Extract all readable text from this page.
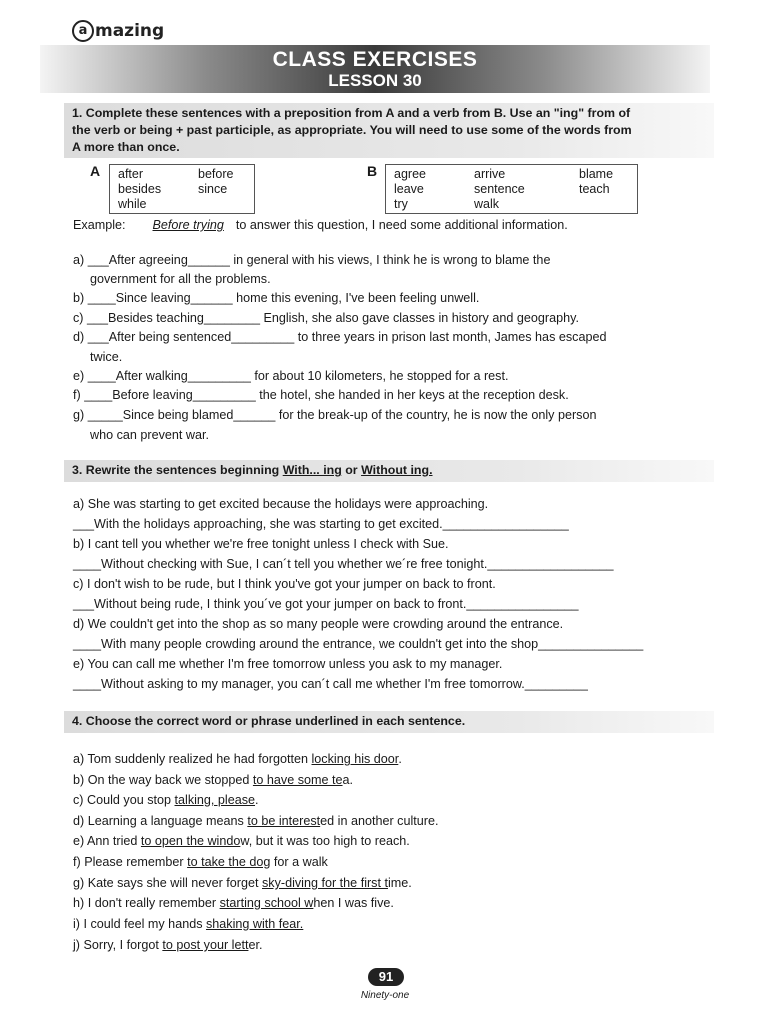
a mazing
CLASS EXERCISES
LESSON 30
1. Complete these sentences with a preposition from A and a verb from B. Use an "ing" from of
the verb or being + past participle, as appropriate. You will need to use some of the words from
A more than once.
A after	before
besides	since
while
B agree	arrive	blame
leave	sentence	teach
try	walk
Example: Before trying to answer this question, I need some additional information.
a) ___After agreeing______ in general with his views, I think he is wrong to blame the
government for all the problems.
b) ____Since leaving______ home this evening, I've been feeling unwell.
c) ___Besides teaching________ English, she also gave classes in history and geography.
d) ___After being sentenced_________ to three years in prison last month, James has escaped
twice.
e) ____After walking_________ for about 10 kilometers, he stopped for a rest.
f) ____Before leaving_________ the hotel, she handed in her keys at the reception desk.
g) _____Since being blamed______ for the break-up of the country, he is now the only person
who can prevent war.
3. Rewrite the sentences beginning With... ing or Without ing.
a) She was starting to get excited because the holidays were approaching.
___With the holidays approaching, she was starting to get excited.__________________
b) I cant tell you whether we're free tonight unless I check with Sue.
____Without checking with Sue, I can´t tell you whether we´re free tonight.__________________
c) I don't wish to be rude, but I think you've got your jumper on back to front.
___Without being rude, I think you´ve got your jumper on back to front.________________
d) We couldn't get into the shop as so many people were crowding around the entrance.
____With many people crowding around the entrance, we couldn't get into the shop_______________
e) You can call me whether I'm free tomorrow unless you ask to my manager.
____Without asking to my manager, you can´t call me whether I'm free tomorrow._________
4. Choose the correct word or phrase underlined in each sentence.
a) Tom suddenly realized he had forgotten locking his door.
b) On the way back we stopped to have some tea.
c) Could you stop talking, please.
d) Learning a language means to be interested in another culture.
e) Ann tried to open the window, but it was too high to reach.
f) Please remember to take the dog for a walk
g) Kate says she will never forget sky-diving for the first time.
h) I don't really remember starting school when I was five.
i) I could feel my hands shaking with fear.
j) Sorry, I forgot to post your letter.
91
Ninety-one
